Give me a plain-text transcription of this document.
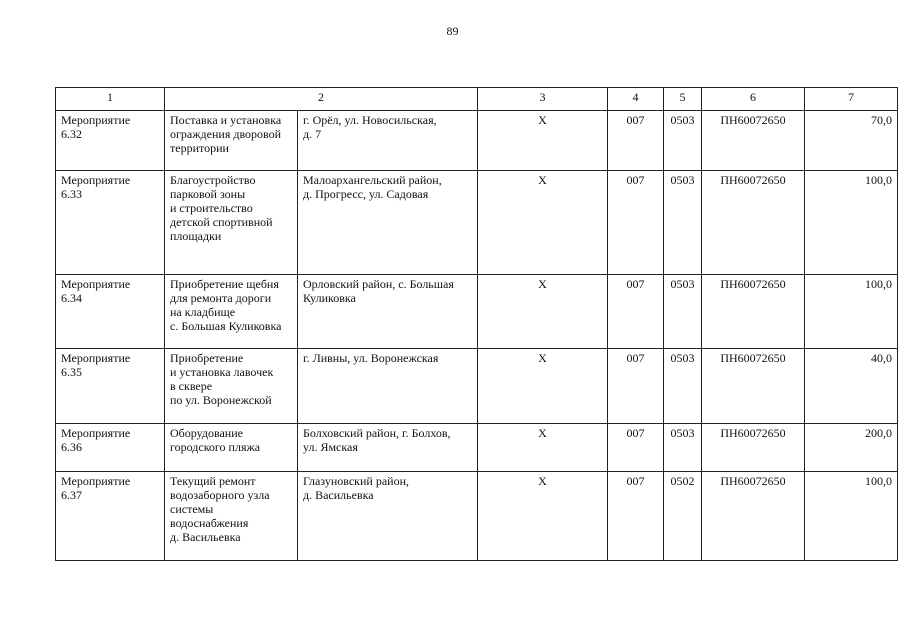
89
1	2		3	4	5	6	7
Мероприятие
6.32	Поставка и установка
ограждения дворовой
территории	г. Орёл, ул. Новосильская,
д. 7	Х	007	0503	ПН60072650	70,0
Мероприятие
6.33	Благоустройство
парковой зоны
и строительство
детской спортивной
площадки	Малоархангельский район,
д. Прогресс, ул. Садовая	Х	007	0503	ПН60072650	100,0
Мероприятие
6.34	Приобретение щебня
для ремонта дороги
на кладбище
с. Большая Куликовка	Орловский район, с. Большая
Куликовка	Х	007	0503	ПН60072650	100,0
Мероприятие
6.35	Приобретение
и установка лавочек
в сквере
по ул. Воронежской	г. Ливны, ул. Воронежская	Х	007	0503	ПН60072650	40,0
Мероприятие
6.36	Оборудование
городского пляжа	Болховский район, г. Болхов,
ул. Ямская	Х	007	0503	ПН60072650	200,0
Мероприятие
6.37	Текущий ремонт
водозаборного узла
системы
водоснабжения
д. Васильевка	Глазуновский район,
д. Васильевка	Х	007	0502	ПН60072650	100,0
